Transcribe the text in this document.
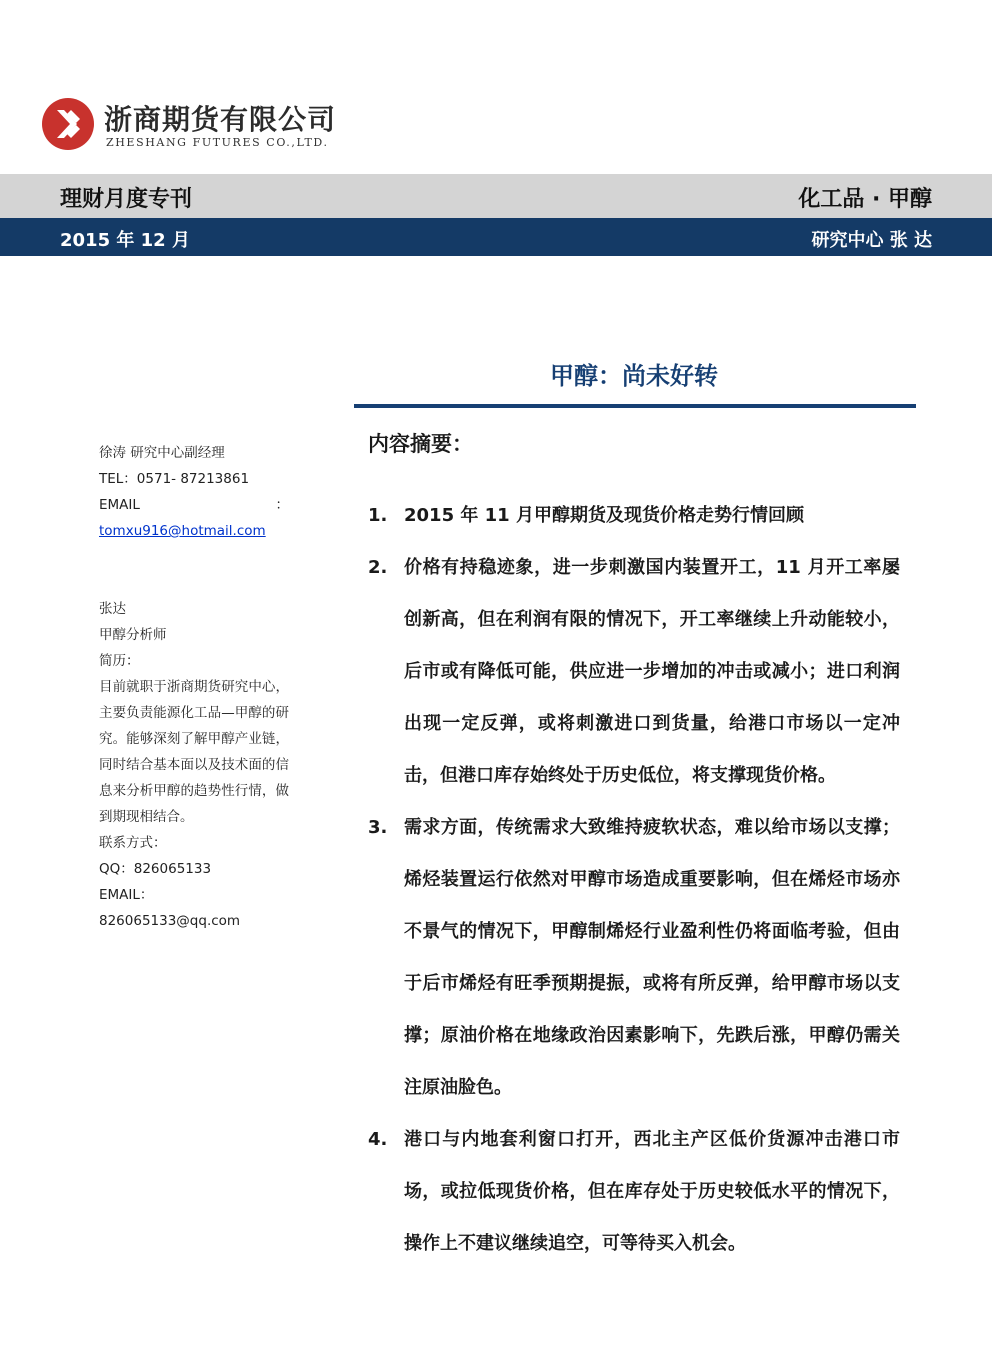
浙商期货有限公司
ZHESHANG FUTURES CO.,LTD.
理财月度专刊	化工品 · 甲醇
2015 年 12 月	研究中心 张 达
甲醇：尚未好转

徐涛 研究中心副经理

TEL：0571- 87213861

EMAIL	：

tomxu916@hotmail.com

张达

甲醇分析师

简历：

目前就职于浙商期货研究中心，主要负责能源化工品—甲醇的研究。能够深刻了解甲醇产业链，同时结合基本面以及技术面的信息来分析甲醇的趋势性行情，做到期现相结合。

联系方式：

QQ：826065133

EMAIL：826065133@qq.com

内容摘要：
1. 2015 年 11 月甲醇期货及现货价格走势行情回顾
2. 价格有持稳迹象，进一步刺激国内装置开工，11 月开工率屡创新高，但在利润有限的情况下，开工率继续上升动能较小，后市或有降低可能，供应进一步增加的冲击或减小；进口利润出现一定反弹，或将刺激进口到货量，给港口市场以一定冲击，但港口库存始终处于历史低位，将支撑现货价格。
3. 需求方面，传统需求大致维持疲软状态，难以给市场以支撑；烯烃装置运行依然对甲醇市场造成重要影响，但在烯烃市场亦不景气的情况下，甲醇制烯烃行业盈利性仍将面临考验，但由于后市烯烃有旺季预期提振，或将有所反弹，给甲醇市场以支撑；原油价格在地缘政治因素影响下，先跌后涨，甲醇仍需关注原油脸色。
4. 港口与内地套利窗口打开，西北主产区低价货源冲击港口市场，或拉低现货价格，但在库存处于历史较低水平的情况下，操作上不建议继续追空，可等待买入机会。
